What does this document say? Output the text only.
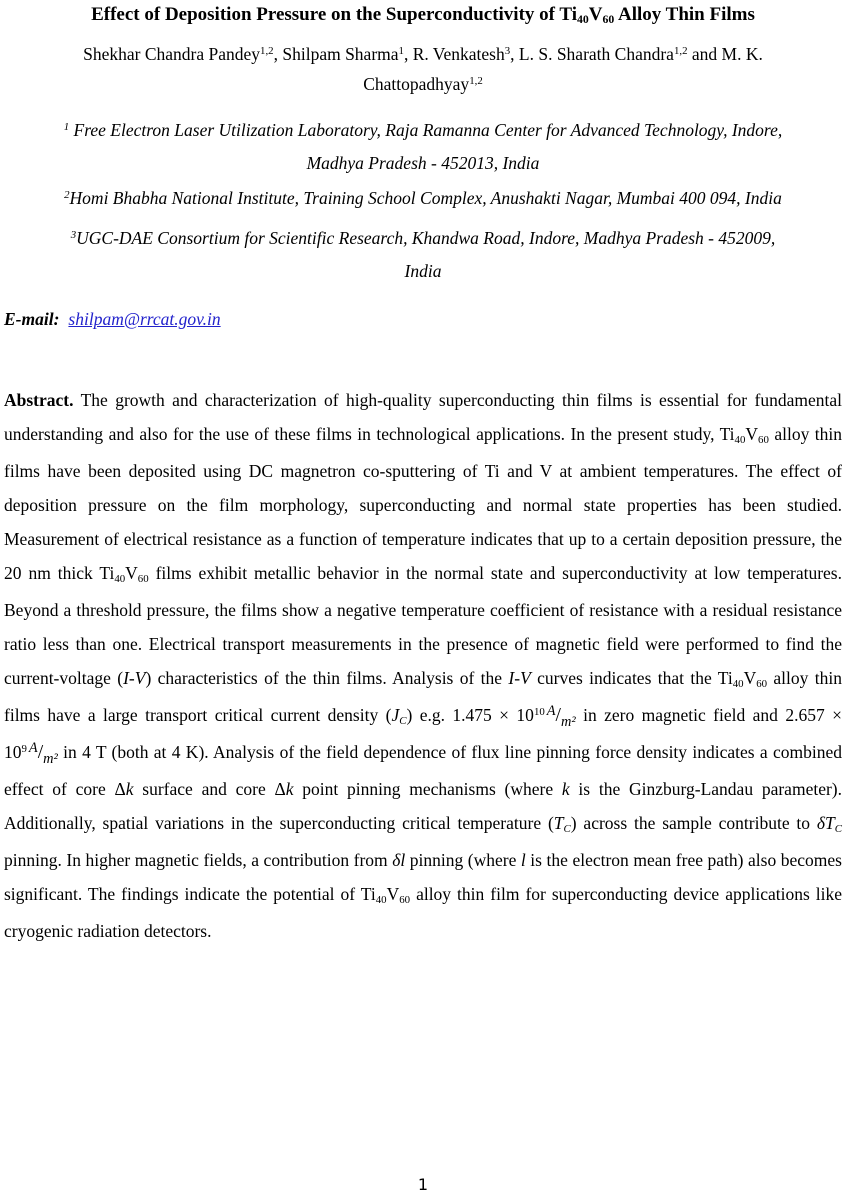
Effect of Deposition Pressure on the Superconductivity of Ti40V60 Alloy Thin Films
Shekhar Chandra Pandey$^{1,2}$, Shilpam Sharma$^1$, R. Venkatesh$^3$, L. S. Sharath Chandra$^{1,2}$ and M. K.
Chattopadhyay$^{1,2}$
$^1$ Free Electron Laser Utilization Laboratory, Raja Ramanna Center for Advanced Technology, Indore,
Madhya Pradesh - 452013, India
$^2$Homi Bhabha National Institute, Training School Complex, Anushakti Nagar, Mumbai 400 094, India
$^3$UGC-DAE Consortium for Scientific Research, Khandwa Road, Indore, Madhya Pradesh - 452009,
India
E-mail: shilpam@rrcat.gov.in

Abstract. The growth and characterization of high-quality superconducting thin films is essential for fundamental understanding and also for the use of these films in technological applications. In the present study, Ti40V60 alloy thin films have been deposited using DC magnetron co-sputtering of Ti and V at ambient temperatures. The effect of deposition pressure on the film morphology, superconducting and normal state properties has been studied. Measurement of electrical resistance as a function of temperature indicates that up to a certain deposition pressure, the 20 nm thick Ti40V60 films exhibit metallic behavior in the normal state and superconductivity at low temperatures. Beyond a threshold pressure, the films show a negative temperature coefficient of resistance with a residual resistance ratio less than one. Electrical transport measurements in the presence of magnetic field were performed to find the current-voltage (I-V) characteristics of the thin films. Analysis of the I-V curves indicates that the Ti40V60 alloy thin films have a large transport critical current density (JC) e.g. $1.475 \times 10^{10}$ $^A/_{m^2}$ in zero magnetic field and $2.657 \times 10^9$ $^A/_{m^2}$ in 4 T (both at 4 K). Analysis of the field dependence of flux line pinning force density indicates a combined effect of core Δk surface and core Δk point pinning mechanisms (where k is the Ginzburg-Landau parameter). Additionally, spatial variations in the superconducting critical temperature (TC) across the sample contribute to δTC pinning. In higher magnetic fields, a contribution from δl pinning (where l is the electron mean free path) also becomes significant. The findings indicate the potential of Ti40V60 alloy thin film for superconducting device applications like cryogenic radiation detectors.

1
